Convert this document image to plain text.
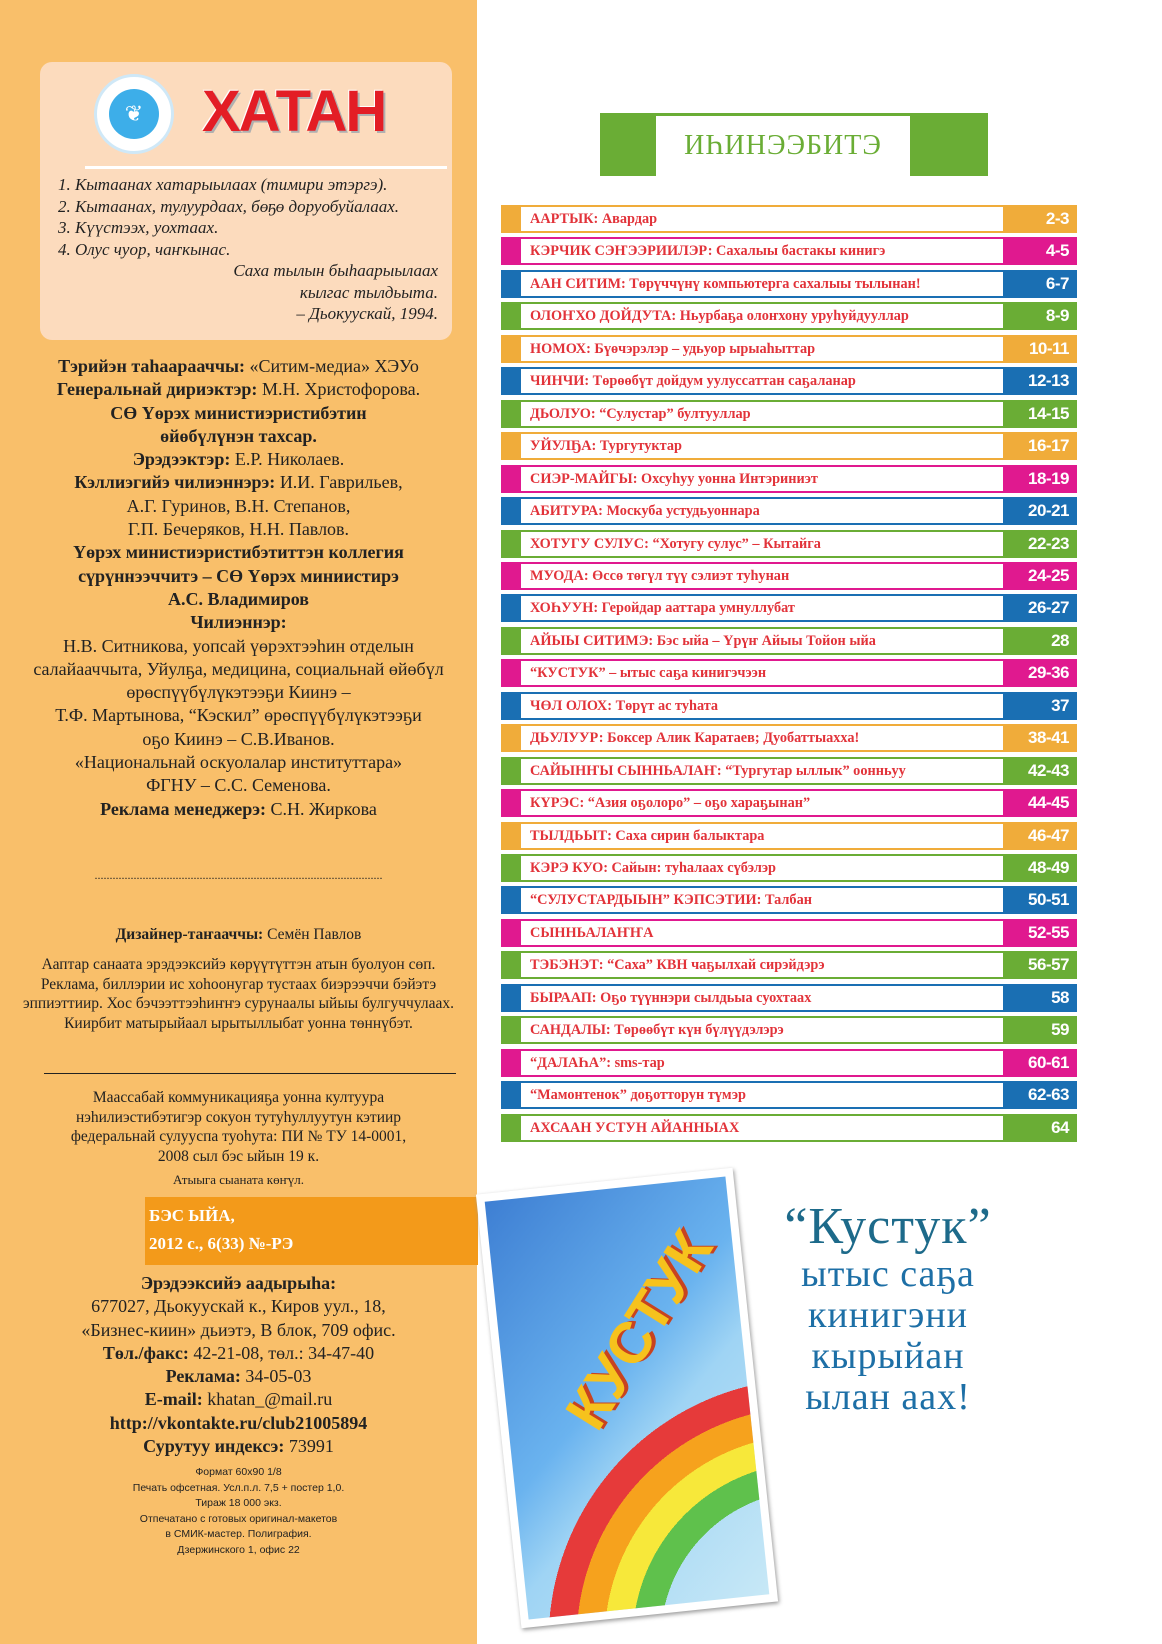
❦ ХАТАН
1. Кытаанах хатарыылаах (тимири этэргэ).
2. Кытаанах, тулуурдаах, бөҕө доруобуйалаах.
3. Күүстээх, уохтаах.
4. Олус чуор, чаҥкынас.
Саха тылын быһаарыылаах
кылгас тылдьыта.
– Дьокуускай, 1994.
Тэрийэн таһаарааччы: «Ситим-медиа» ХЭУо
Генеральнай дириэктэр: М.Н. Христофорова.
СӨ Үөрэх министиэристибэтин
өйөбүлүнэн тахсар.
Эрэдээктэр: Е.Р. Николаев.
Кэллиэгийэ чилиэннэрэ: И.И. Гаврильев,
А.Г. Гуринов, В.Н. Степанов,
Г.П. Бечеряков, Н.Н. Павлов.
Үөрэх министиэристибэтиттэн коллегия
сүрүннээччитэ – СӨ Үөрэх миниистирэ
А.С. Владимиров
Чилиэннэр:
Н.В. Ситникова, уопсай үөрэхтээһин отделын
салайааччыта, Уйулҕа, медицина, социальнай өйөбүл
өрөспүүбүлүкэтээҕи Киинэ –
Т.Ф. Мартынова, “Кэскил” өрөспүүбүлүкэтээҕи
оҕо Киинэ – С.В.Иванов.
«Национальнай оскуолалар институттара»
ФГНУ – С.С. Семенова.
Реклама менеджерэ: С.Н. Жиркова
................................................................................................
Дизайнер-таҥааччы: Семён Павлов
Ааптар санаата эрэдээксийэ көрүүтүттэн атын буолуон сөп. Реклама, биллэрии ис хоһоонугар тустаах биэрээччи бэйэтэ эппиэттиир. Хос бэчээттээһиҥҥэ сурунаалы ыйыы булгуччулаах. Киирбит матырыйаал ырытыллыбат уонна төннүбэт.
Маассабай коммуникацияҕа уонна култуура
нэһилиэстибэтигэр сокуон тутуһуллуутун кэтиир
федеральнай сулууспа туоһута: ПИ № ТУ 14-0001,
2008 сыл бэс ыйын 19 к.
Атыыга сыаната көҥүл.
БЭС ЫЙА,
2012 с., 6(33) №-РЭ
Эрэдээксийэ аадырыһа:
677027, Дьокуускай к., Киров уул., 18,
«Бизнес-киин» дьиэтэ, В блок, 709 офис.
Төл./факс: 42-21-08, төл.: 34-47-40
Реклама: 34-05-03
E-mail: khatan_@mail.ru
http://vkontakte.ru/club21005894
Сурутуу индексэ: 73991
Формат 60х90 1/8
Печать офсетная. Усл.п.л. 7,5 + постер 1,0.
Тираж 18 000 экз.
Отпечатано с готовых оригинал-макетов
в СМИК-мастер. Полиграфия.
Дзержинского 1, офис 22
ИҺИНЭЭБИТЭ
ААРТЫК: Авардар	2-3
КЭРЧИК СЭҤЭЭРИИЛЭР: Сахалыы бастакы кинигэ	4-5
ААН СИТИМ: Төрүччүнү компьютерга сахалыы тылынан!	6-7
ОЛОҤХО ДОЙДУТА: Ньурбаҕа олоҥхону уруһуйдууллар	8-9
НОМОХ: Бүөчэрэлэр – удьуор ырыаһыттар	10-11
ЧИНЧИ: Төрөөбүт дойдум уулуссаттан саҕаланар	12-13
ДЬОЛУО: “Сулустар” бултууллар	14-15
УЙУЛҔА: Тургутуктар	16-17
СИЭР-МАЙГЫ: Охсуһуу уонна Интэриниэт	18-19
АБИТУРА: Москуба устудьуоннара	20-21
ХОТУГУ СУЛУС: “Хотугу сулус” – Кытайга	22-23
МУОДА: Өссө төгүл түү сэлиэт туһунан	24-25
ХОҺУУН: Геройдар ааттара умнуллубат	26-27
АЙЫЫ СИТИМЭ: Бэс ыйа – Үрүҥ Айыы Тойон ыйа	28
“КУСТУК” – ытыс саҕа кинигэчээн	29-36
ЧӨЛ ОЛОХ: Төрүт ас туһата	37
ДЬУЛУУР: Боксер Алик Каратаев; Дуобаттыахха!	38-41
САЙЫНҤЫ СЫННЬАЛАҤ: “Тургутар ыллык” оонньуу	42-43
КҮРЭС: “Азия оҕолоро” – оҕо хараҕынан”	44-45
ТЫЛДЬЫТ: Саха сирин балыктара	46-47
КЭРЭ КУО: Сайын: туһалаах сүбэлэр	48-49
“СУЛУСТАРДЫЫН” КЭПСЭТИИ: Талбан	50-51
СЫННЬАЛАҤҤА	52-55
ТЭБЭНЭТ: “Саха” КВН чаҕылхай сирэйдэрэ	56-57
БЫРААП: Оҕо түүннэри сылдьыа суохтаах	58
САНДАЛЫ: Төрөөбүт күн бүлүүдэлэрэ	59
“ДАЛАҺА”: sms-тар	60-61
“Мамонтенок” доҕотторун түмэр	62-63
АХСААН УСТУН АЙАННЫАХ	64
КУСТУК	“Кустук”
ытыс саҕа
кинигэни
кырыйан
ылан аах!
